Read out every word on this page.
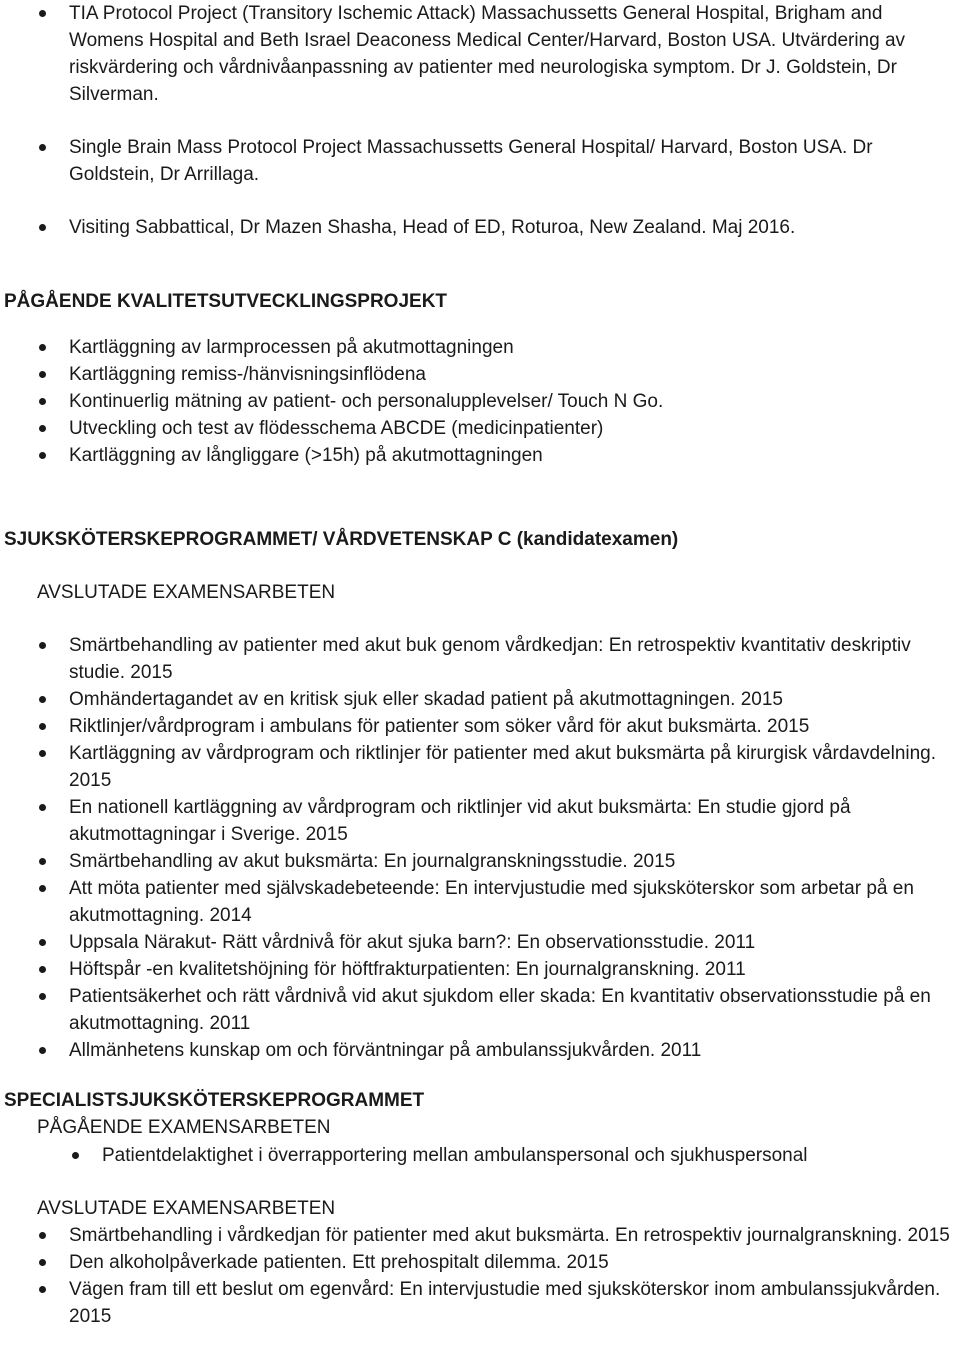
TIA Protocol Project (Transitory Ischemic Attack) Massachussetts General Hospital, Brigham and Womens Hospital and Beth Israel Deaconess Medical Center/Harvard, Boston USA. Utvärdering av riskvärdering och vårdnivåanpassning av patienter med neurologiska symptom. Dr J. Goldstein, Dr Silverman.
Single Brain Mass Protocol Project Massachussetts General Hospital/ Harvard, Boston USA. Dr Goldstein, Dr Arrillaga.
Visiting Sabbattical, Dr Mazen Shasha, Head of ED, Roturoa, New Zealand. Maj 2016.
PÅGÅENDE KVALITETSUTVECKLINGSPROJEKT
Kartläggning av larmprocessen på akutmottagningen
Kartläggning remiss-/hänvisningsinflödena
Kontinuerlig mätning av patient- och personalupplevelser/ Touch N Go.
Utveckling och test av flödesschema ABCDE (medicinpatienter)
Kartläggning av långliggare (>15h) på akutmottagningen
SJUKSKÖTERSKEPROGRAMMET/ VÅRDVETENSKAP C (kandidatexamen)
AVSLUTADE EXAMENSARBETEN
Smärtbehandling av patienter med akut buk genom vårdkedjan: En retrospektiv kvantitativ deskriptiv studie. 2015
Omhändertagandet av en kritisk sjuk eller skadad patient på akutmottagningen. 2015
Riktlinjer/vårdprogram i ambulans för patienter som söker vård för akut buksmärta. 2015
Kartläggning av vårdprogram och riktlinjer för patienter med akut buksmärta på kirurgisk vårdavdelning. 2015
En nationell kartläggning av vårdprogram och riktlinjer vid akut buksmärta: En studie gjord på akutmottagningar i Sverige. 2015
Smärtbehandling av akut buksmärta: En journalgranskningsstudie. 2015
Att möta patienter med självskadebeteende: En intervjustudie med sjuksköterskor som arbetar på en akutmottagning. 2014
Uppsala Närakut- Rätt vårdnivå för akut sjuka barn?: En observationsstudie. 2011
Höftspår -en kvalitetshöjning för höftfrakturpatienten: En journalgranskning. 2011
Patientsäkerhet och rätt vårdnivå vid akut sjukdom eller skada: En kvantitativ observationsstudie på en akutmottagning. 2011
Allmänhetens kunskap om och förväntningar på ambulanssjukvården. 2011
SPECIALISTSJUKSKÖTERSKEPROGRAMMET
PÅGÅENDE EXAMENSARBETEN
Patientdelaktighet i överrapportering mellan ambulanspersonal och sjukhuspersonal
AVSLUTADE EXAMENSARBETEN
Smärtbehandling i vårdkedjan för patienter med akut buksmärta. En retrospektiv journalgranskning. 2015
Den alkoholpåverkade patienten. Ett prehospitalt dilemma. 2015
Vägen fram till ett beslut om egenvård: En intervjustudie med sjuksköterskor inom ambulanssjukvården. 2015
